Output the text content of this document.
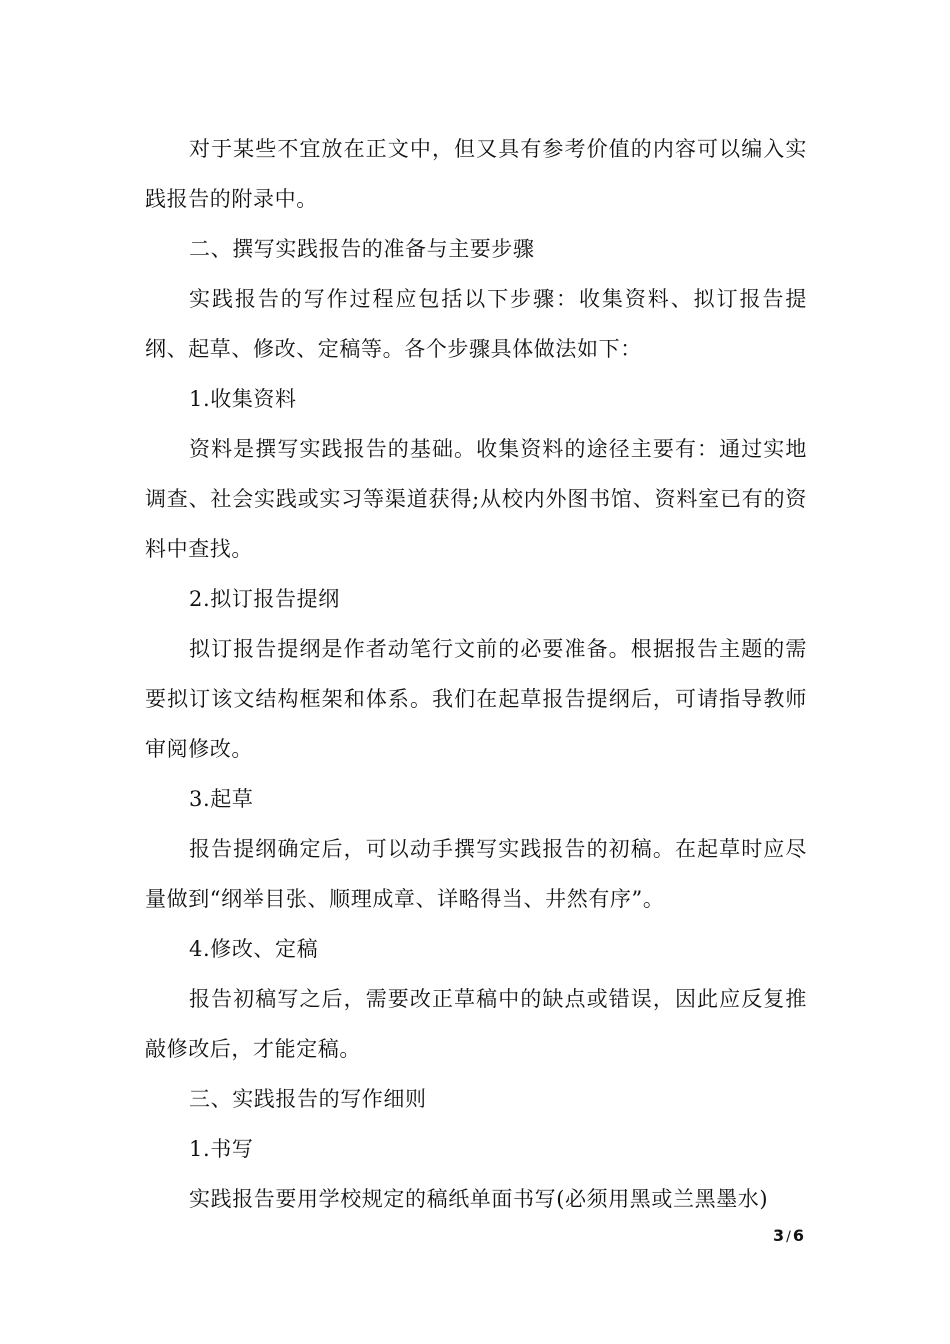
对于某些不宜放在正文中，但又具有参考价值的内容可以编入实践报告的附录中。

二、撰写实践报告的准备与主要步骤

实践报告的写作过程应包括以下步骤：收集资料、拟订报告提纲、起草、修改、定稿等。各个步骤具体做法如下：

1.收集资料

资料是撰写实践报告的基础。收集资料的途径主要有：通过实地调查、社会实践或实习等渠道获得;从校内外图书馆、资料室已有的资料中查找。

2.拟订报告提纲

拟订报告提纲是作者动笔行文前的必要准备。根据报告主题的需要拟订该文结构框架和体系。我们在起草报告提纲后，可请指导教师审阅修改。

3.起草

报告提纲确定后，可以动手撰写实践报告的初稿。在起草时应尽量做到“纲举目张、顺理成章、详略得当、井然有序”。

4.修改、定稿

报告初稿写之后，需要改正草稿中的缺点或错误，因此应反复推敲修改后，才能定稿。

三、实践报告的写作细则

1.书写

实践报告要用学校规定的稿纸单面书写(必须用黑或兰黑墨水)

3/6
